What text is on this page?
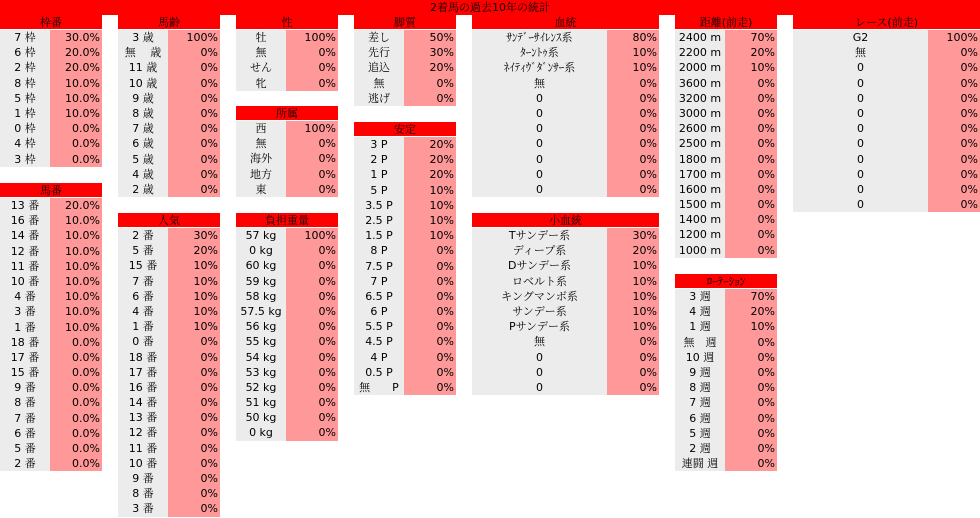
2着馬の過去10年の統計
枠番
7 枠	30.0%
6 枠	20.0%
2 枠	20.0%
8 枠	10.0%
5 枠	10.0%
1 枠	10.0%
0 枠	0.0%
4 枠	0.0%
3 枠	0.0%
馬番
13 番	20.0%
16 番	10.0%
14 番	10.0%
12 番	10.0%
11 番	10.0%
10 番	10.0%
4 番	10.0%
3 番	10.0%
1 番	10.0%
18 番	0.0%
17 番	0.0%
15 番	0.0%
9 番	0.0%
8 番	0.0%
7 番	0.0%
6 番	0.0%
5 番	0.0%
2 番	0.0%
馬齢
3 歳	100%
無　 歳	0%
11 歳	0%
10 歳	0%
9 歳	0%
8 歳	0%
7 歳	0%
6 歳	0%
5 歳	0%
4 歳	0%
2 歳	0%
人気
2 番	30%
5 番	20%
15 番	10%
7 番	10%
6 番	10%
4 番	10%
1 番	10%
0 番	0%
18 番	0%
17 番	0%
16 番	0%
14 番	0%
13 番	0%
12 番	0%
11 番	0%
10 番	0%
9 番	0%
8 番	0%
3 番	0%
性
牡	100%
無	0%
せん	0%
牝	0%
所属
西	100%
無	0%
海外	0%
地方	0%
東	0%
負担重量
57 kg	100%
0 kg	0%
60 kg	0%
59 kg	0%
58 kg	0%
57.5 kg	0%
56 kg	0%
55 kg	0%
54 kg	0%
53 kg	0%
52 kg	0%
51 kg	0%
50 kg	0%
0 kg	0%
脚質
差し	50%
先行	30%
追込	20%
無	0%
逃げ	0%
安定
3 P	20%
2 P	20%
1 P	20%
5 P	10%
3.5 P	10%
2.5 P	10%
1.5 P	10%
8 P	0%
7.5 P	0%
7 P	0%
6.5 P	0%
6 P	0%
5.5 P	0%
4.5 P	0%
4 P	0%
0.5 P	0%
無　　P	0%
血統
ｻﾝﾃﾞｰｻｲﾚﾝｽ系	80%
ﾀｰﾝﾄｩ系	10%
ﾈｲﾃｨｳﾞﾀﾞﾝｻｰ系	10%
無	0%
0	0%
0	0%
0	0%
0	0%
0	0%
0	0%
0	0%
小血統
Tサンデー系	30%
ディープ系	20%
Dサンデー系	10%
ロベルト系	10%
キングマンボ系	10%
サンデー系	10%
Pサンデー系	10%
無	0%
0	0%
0	0%
0	0%
距離(前走)
2400 m	70%
2200 m	20%
2000 m	10%
3600 m	0%
3200 m	0%
3000 m	0%
2600 m	0%
2500 m	0%
1800 m	0%
1700 m	0%
1600 m	0%
1500 m	0%
1400 m	0%
1200 m	0%
1000 m	0%
ﾛｰﾃｰｼｮﾝ
3 週	70%
4 週	20%
1 週	10%
無　週	0%
10 週	0%
9 週	0%
8 週	0%
7 週	0%
6 週	0%
5 週	0%
2 週	0%
連闘 週	0%
レース(前走)
G2	100%
無	0%
0	0%
0	0%
0	0%
0	0%
0	0%
0	0%
0	0%
0	0%
0	0%
0	0%
